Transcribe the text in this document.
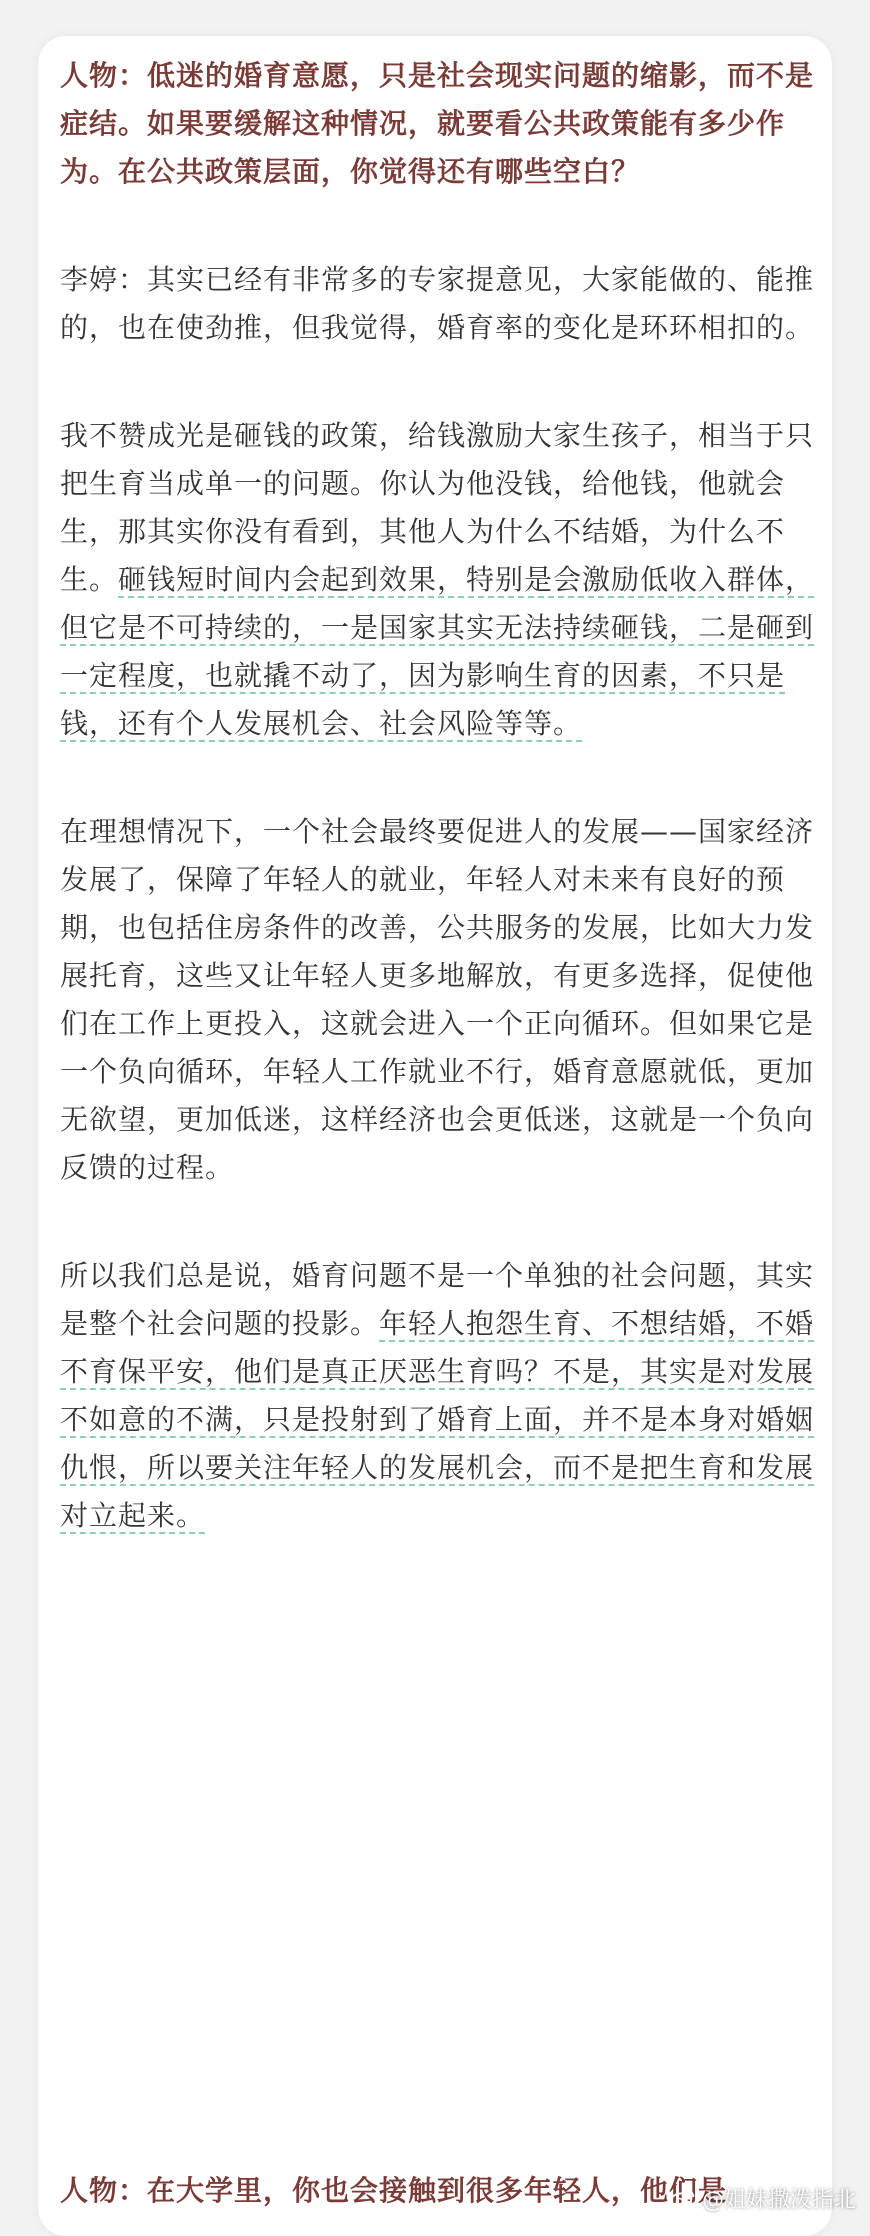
人物：低迷的婚育意愿，只是社会现实问题的缩影，而不是症结。如果要缓解这种情况，就要看公共政策能有多少作为。在公共政策层面，你觉得还有哪些空白？

李婷：其实已经有非常多的专家提意见，大家能做的、能推的，也在使劲推，但我觉得，婚育率的变化是环环相扣的。

我不赞成光是砸钱的政策，给钱激励大家生孩子，相当于只把生育当成单一的问题。你认为他没钱，给他钱，他就会生，那其实你没有看到，其他人为什么不结婚，为什么不生。砸钱短时间内会起到效果，特别是会激励低收入群体，但它是不可持续的，一是国家其实无法持续砸钱，二是砸到一定程度，也就撬不动了，因为影响生育的因素，不只是钱，还有个人发展机会、社会风险等等。

在理想情况下，一个社会最终要促进人的发展——国家经济发展了，保障了年轻人的就业，年轻人对未来有良好的预期，也包括住房条件的改善，公共服务的发展，比如大力发展托育，这些又让年轻人更多地解放，有更多选择，促使他们在工作上更投入，这就会进入一个正向循环。但如果它是一个负向循环，年轻人工作就业不行，婚育意愿就低，更加无欲望，更加低迷，这样经济也会更低迷，这就是一个负向反馈的过程。

所以我们总是说，婚育问题不是一个单独的社会问题，其实是整个社会问题的投影。年轻人抱怨生育、不想结婚，不婚不育保平安，他们是真正厌恶生育吗？不是，其实是对发展不如意的不满，只是投射到了婚育上面，并不是本身对婚姻仇恨，所以要关注年轻人的发展机会，而不是把生育和发展对立起来。

人物：在大学里，你也会接触到很多年轻人，他们是
@姐妹撒泼指北
